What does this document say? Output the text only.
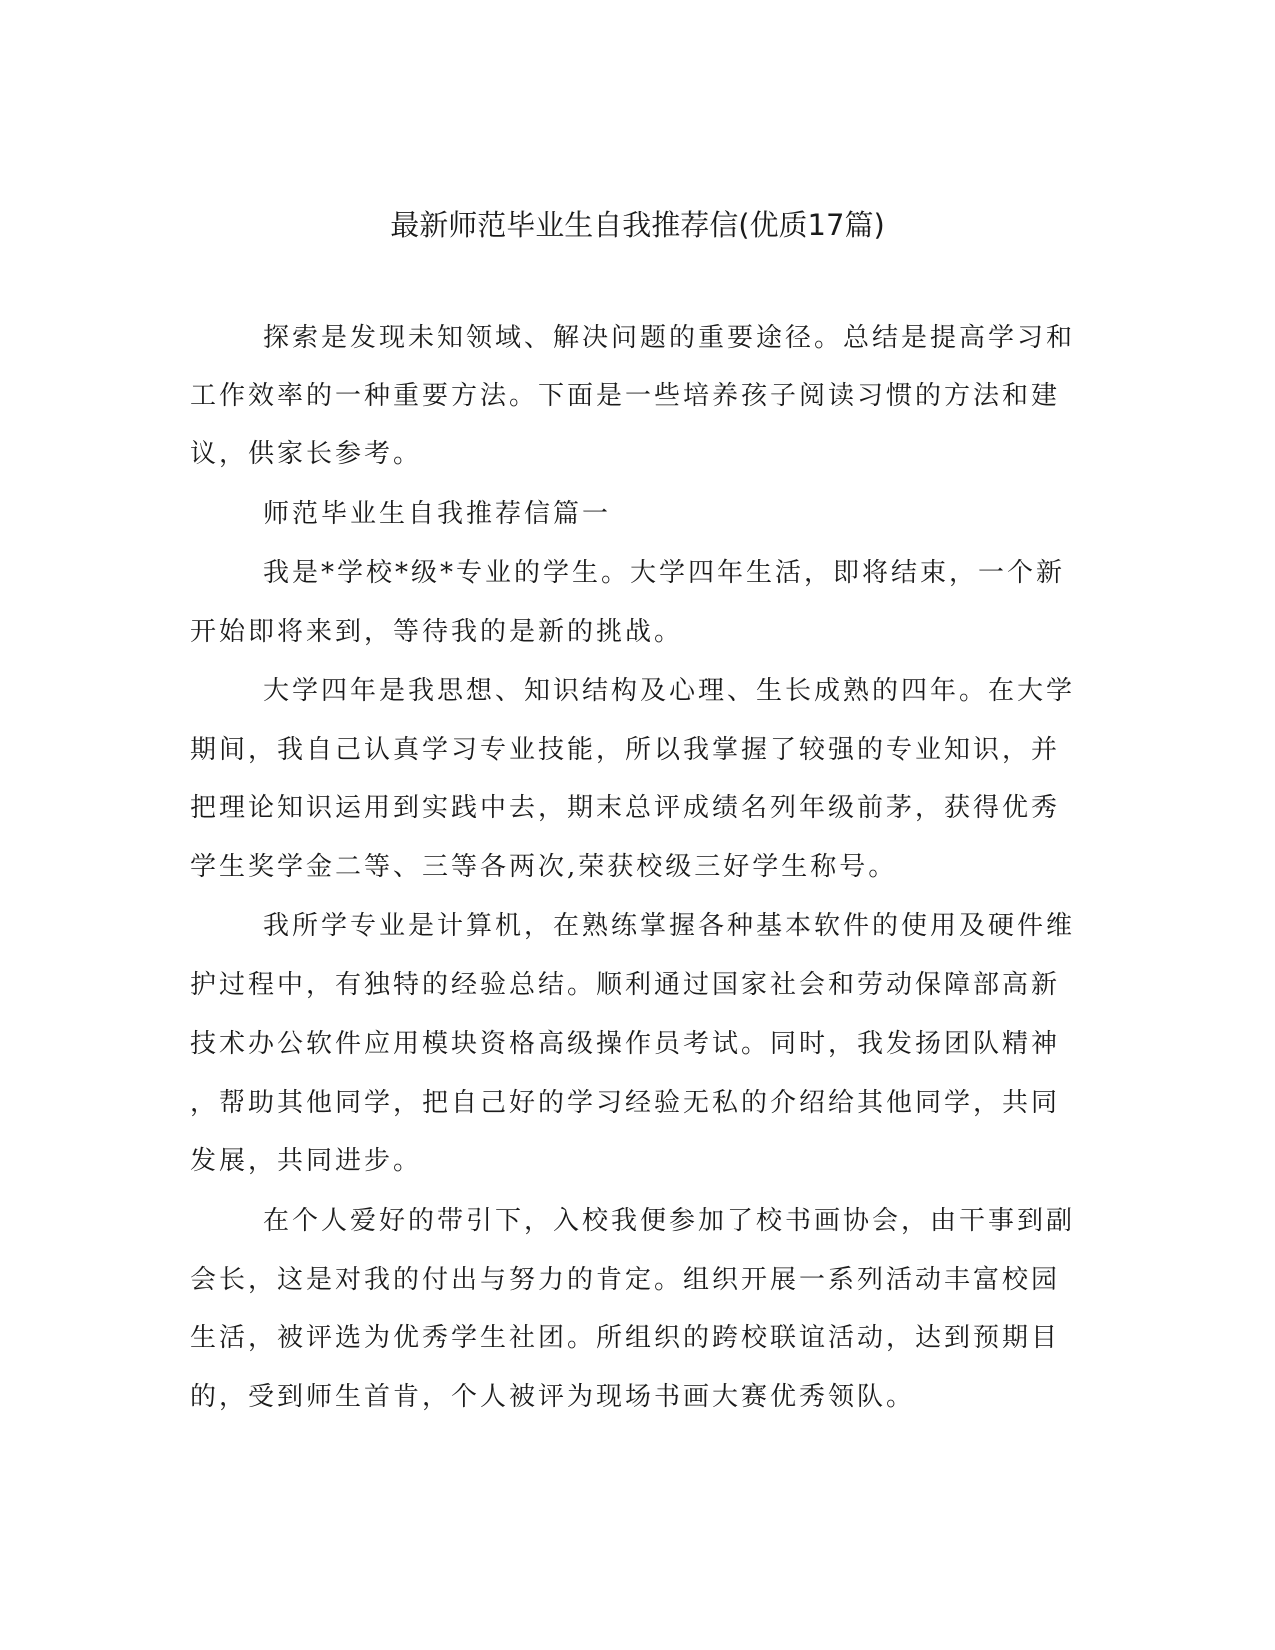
最新师范毕业生自我推荐信(优质17篇)
探索是发现未知领域、解决问题的重要途径。总结是提高学习和
工作效率的一种重要方法。下面是一些培养孩子阅读习惯的方法和建
议，供家长参考。
师范毕业生自我推荐信篇一
我是*学校*级*专业的学生。大学四年生活，即将结束，一个新
开始即将来到，等待我的是新的挑战。
大学四年是我思想、知识结构及心理、生长成熟的四年。在大学
期间，我自己认真学习专业技能，所以我掌握了较强的专业知识，并
把理论知识运用到实践中去，期末总评成绩名列年级前茅，获得优秀
学生奖学金二等、三等各两次,荣获校级三好学生称号。
我所学专业是计算机，在熟练掌握各种基本软件的使用及硬件维
护过程中，有独特的经验总结。顺利通过国家社会和劳动保障部高新
技术办公软件应用模块资格高级操作员考试。同时，我发扬团队精神
，帮助其他同学，把自己好的学习经验无私的介绍给其他同学，共同
发展，共同进步。
在个人爱好的带引下，入校我便参加了校书画协会，由干事到副
会长，这是对我的付出与努力的肯定。组织开展一系列活动丰富校园
生活，被评选为优秀学生社团。所组织的跨校联谊活动，达到预期目
的，受到师生首肯，个人被评为现场书画大赛优秀领队。
